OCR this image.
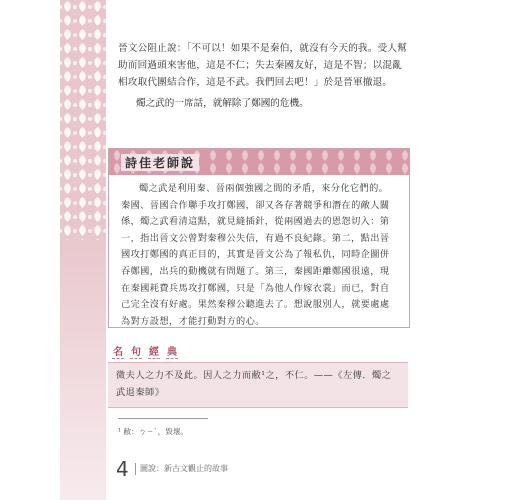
晉文公阻止說：「不可以！如果不是秦伯，就沒有今天的我。受人幫助而回過頭來害他，這是不仁；失去秦國友好，這是不智；以混亂相攻取代團結合作，這是不武。我們回去吧！」於是晉軍撤退。

燭之武的一席話，就解除了鄭國的危機。

詩佳老師說
燭之武是利用秦、晉兩個強國之間的矛盾，來分化它們的。秦國、晉國合作聯手攻打鄭國，卻又各存著競爭和潛在的敵人關係，燭之武看清這點，就見縫插針，從兩國過去的恩怨切入：第一，指出晉文公曾對秦穆公失信，有過不良紀錄。第二，點出晉國攻打鄭國的真正目的，其實是晉文公為了報私仇，同時企圖併吞鄭國，出兵的動機就有問題了。第三，秦國距離鄭國很遠，現在秦國耗費兵馬攻打鄭國，只是「為他人作嫁衣裳」而已，對自己完全沒有好處。果然秦穆公聽進去了。想說服別人，就要處處為對方設想，才能打動對方的心。
名 句 經 典
微夫人之力不及此。因人之力而敝¹之，不仁。——《左傳．燭之武退秦師》
¹ 敝：ㄅㄧˋ，毀壞。
4 圖說：新古文觀止的故事
